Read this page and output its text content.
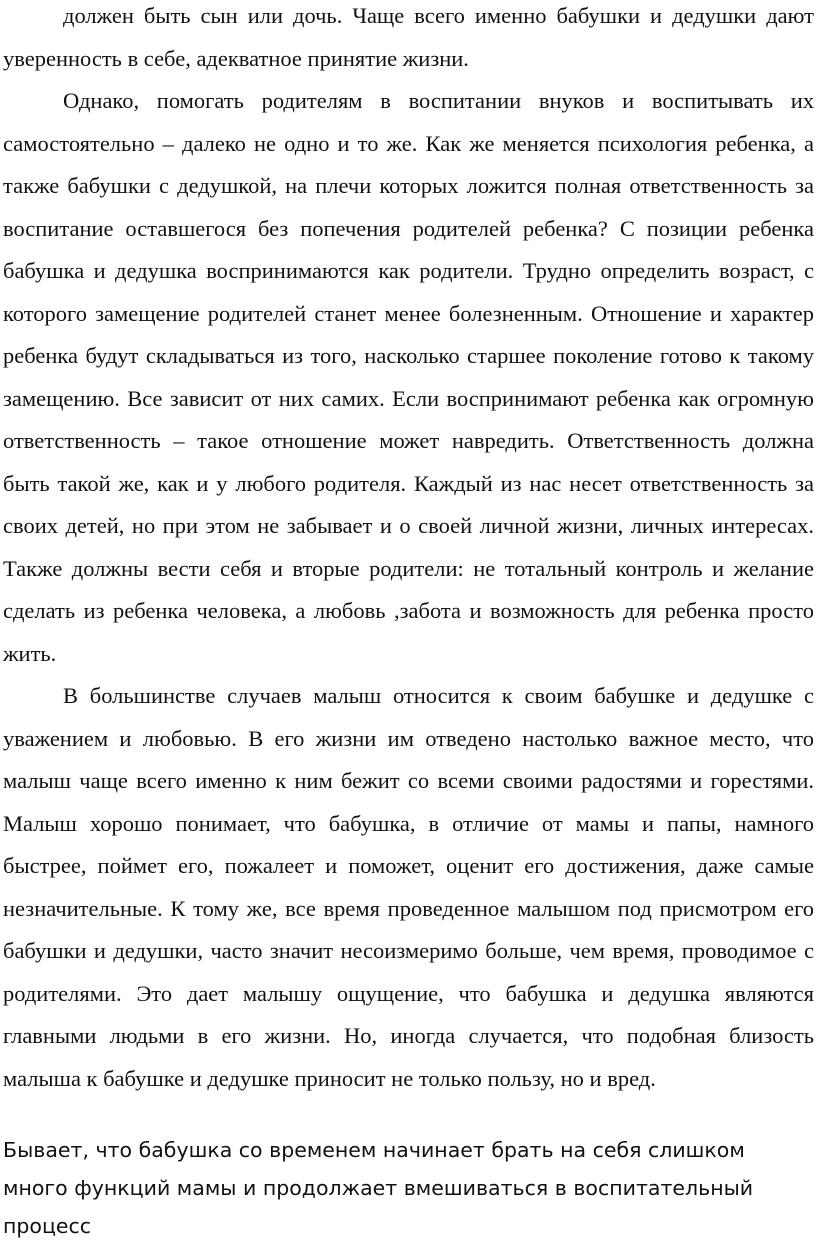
должен быть сын или дочь. Чаще всего именно бабушки и дедушки дают уверенность в себе, адекватное принятие жизни.

Однако, помогать родителям в воспитании внуков и воспитывать их самостоятельно – далеко не одно и то же. Как же меняется психология ребенка, а также бабушки с дедушкой, на плечи которых ложится полная ответственность за воспитание оставшегося без попечения родителей ребенка? С позиции ребенка бабушка и дедушка воспринимаются как родители. Трудно определить возраст, с которого замещение родителей станет менее болезненным. Отношение и характер ребенка будут складываться из того, насколько старшее поколение готово к такому замещению. Все зависит от них самих. Если воспринимают ребенка как огромную ответственность – такое отношение может навредить. Ответственность должна быть такой же, как и у любого родителя. Каждый из нас несет ответственность за своих детей, но при этом не забывает и о своей личной жизни, личных интересах. Также должны вести себя и вторые родители: не тотальный контроль и желание сделать из ребенка человека, а любовь ,забота и возможность для ребенка просто жить.

В большинстве случаев малыш относится к своим бабушке и дедушке с уважением и любовью. В его жизни им отведено настолько важное место, что малыш чаще всего именно к ним бежит со всеми своими радостями и горестями. Малыш хорошо понимает, что бабушка, в отличие от мамы и папы, намного быстрее, поймет его, пожалеет и поможет, оценит его достижения, даже самые незначительные. К тому же, все время проведенное малышом под присмотром его бабушки и дедушки, часто значит несоизмеримо больше, чем время, проводимое с родителями. Это дает малышу ощущение, что бабушка и дедушка являются главными людьми в его жизни. Но, иногда случается, что подобная близость малыша к бабушке и дедушке приносит не только пользу, но и вред.

Бывает, что бабушка со временем начинает брать на себя слишком много функций мамы и продолжает вмешиваться в воспитательный процесс
